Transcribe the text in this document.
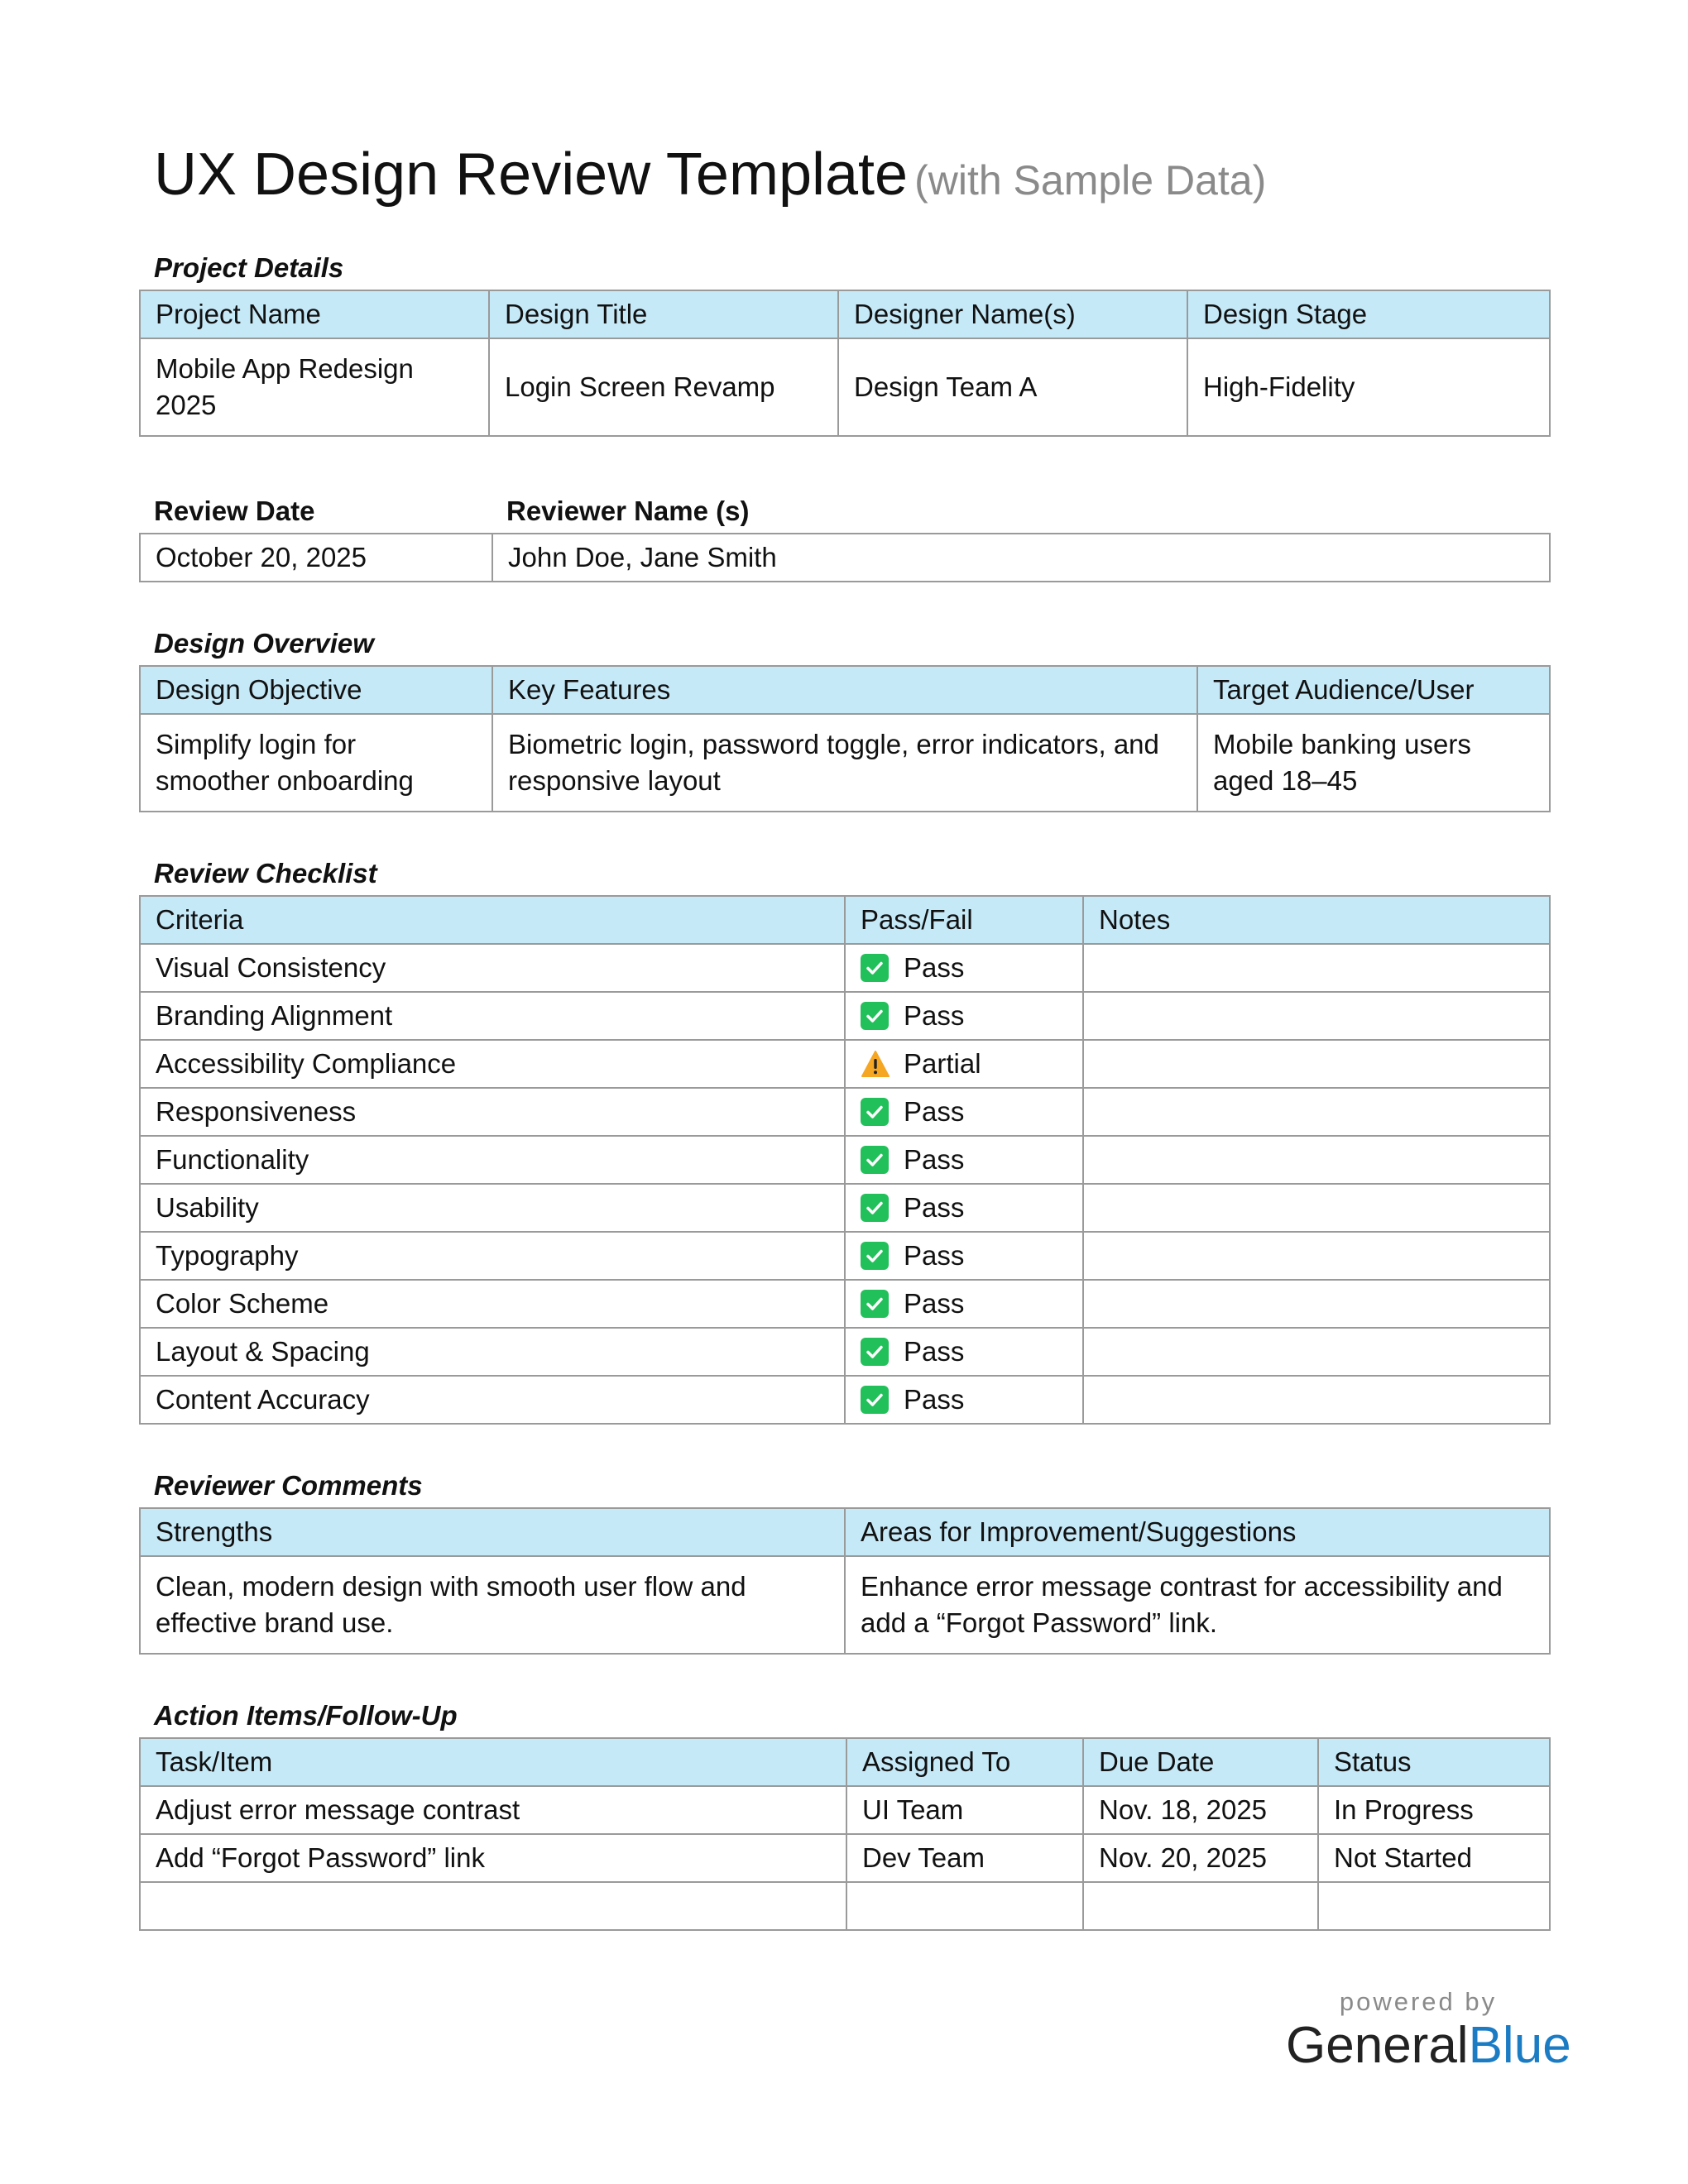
UX Design Review Template (with Sample Data)
Project Details
Project Name	Design Title	Designer Name(s)	Design Stage
Mobile App Redesign 2025	Login Screen Revamp	Design Team A	High-Fidelity
Review Date	Reviewer Name (s)
October 20, 2025	John Doe, Jane Smith
Design Overview
Design Objective	Key Features	Target Audience/User
Simplify login for smoother onboarding	Biometric login, password toggle, error indicators, and responsive layout	Mobile banking users aged 18–45
Review Checklist
Criteria	Pass/Fail	Notes
Visual Consistency	Pass	

Branding Alignment	Pass	

Accessibility Compliance	Partial	

Responsiveness	Pass	

Functionality	Pass	

Usability	Pass	

Typography	Pass	

Color Scheme	Pass	

Layout & Spacing	Pass	

Content Accuracy	Pass	

Reviewer Comments
Strengths	Areas for Improvement/Suggestions
Clean, modern design with smooth user flow and effective brand use.	Enhance error message contrast for accessibility and add a “Forgot Password” link.
Action Items/Follow-Up
Task/Item	Assigned To	Due Date	Status
Adjust error message contrast	UI Team	Nov. 18, 2025	In Progress
Add “Forgot Password” link	Dev Team	Nov. 20, 2025	Not Started

powered by
GeneralBlue
